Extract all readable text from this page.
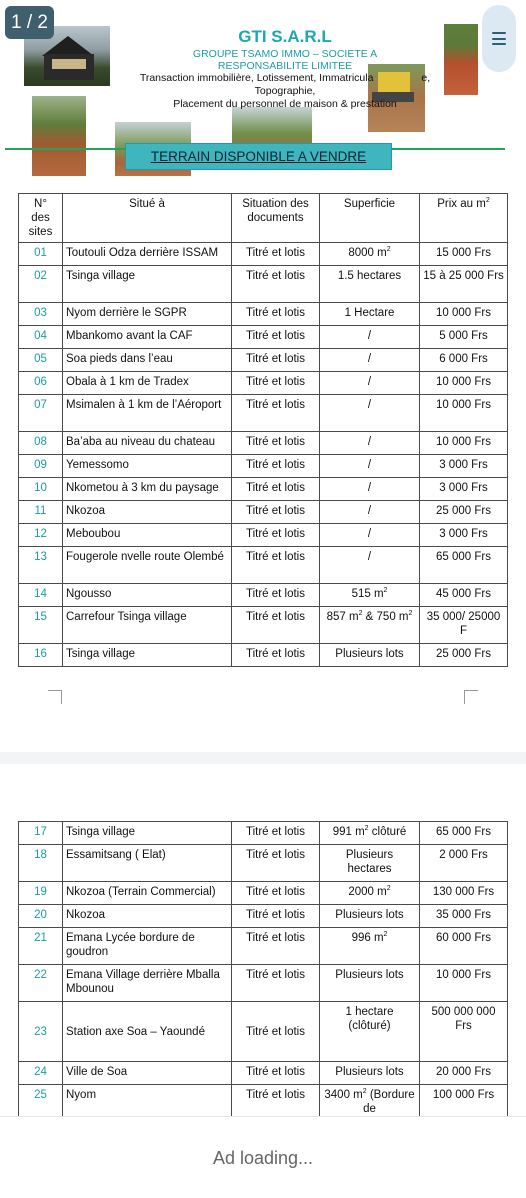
GTI S.A.R.L
GROUPE TSAMO IMMO – SOCIETE A
RESPONSABILITE LIMITEE
Transaction immobilière, Lotissement, Immatricula	e,
Topographie,
Placement du personnel de maison & prestation
TERRAIN DISPONIBLE A VENDRE
N° des sites	Situé à	Situation des documents	Superficie	Prix au $m^2$
01	Toutouli Odza derrière ISSAM	Titré et lotis	8000 $m^2$	15 000 Frs
02	Tsinga village	Titré et lotis	1.5 hectares	15 à 25 000 Frs
03	Nyom derrière le SGPR	Titré et lotis	1 Hectare	10 000 Frs
04	Mbankomo avant la CAF	Titré et lotis	/	5 000 Frs
05	Soa pieds dans l’eau	Titré et lotis	/	6 000 Frs
06	Obala à 1 km de Tradex	Titré et lotis	/	10 000 Frs
07	Msimalen à 1 km de l’Aéroport	Titré et lotis	/	10 000 Frs
08	Ba’aba au niveau du chateau	Titré et lotis	/	10 000 Frs
09	Yemessomo	Titré et lotis	/	3 000 Frs
10	Nkometou à 3 km du paysage	Titré et lotis	/	3 000 Frs
11	Nkozoa	Titré et lotis	/	25 000 Frs
12	Meboubou	Titré et lotis	/	3 000 Frs
13	Fougerole nvelle route Olembé	Titré et lotis	/	65 000 Frs
14	Ngousso	Titré et lotis	515 $m^2$	45 000 Frs
15	Carrefour Tsinga village	Titré et lotis	857 $m^2$ & 750 $m^2$	35 000/ 25000 F
16	Tsinga village	Titré et lotis	Plusieurs lots	25 000 Frs
1 / 2
17	Tsinga village	Titré et lotis	991 $m^2$ clôturé	65 000 Frs
18	Essamitsang ( Elat)	Titré et lotis	Plusieurs hectares	2 000 Frs
19	Nkozoa (Terrain Commercial)	Titré et lotis	2000 $m^2$	130 000 Frs
20	Nkozoa	Titré et lotis	Plusieurs lots	35 000 Frs
21	Emana Lycée bordure de goudron	Titré et lotis	996 $m^2$	60 000 Frs
22	Emana Village derrière Mballa Mbounou	Titré et lotis	Plusieurs lots	10 000 Frs
23	Station axe Soa – Yaoundé	Titré et lotis	1 hectare (clôturé)	500 000 000 Frs
24	Ville de Soa	Titré et lotis	Plusieurs lots	20 000 Frs
25	Nyom	Titré et lotis	3400 $m^2$ (Bordure de	100 000 Frs
Ad loading...
